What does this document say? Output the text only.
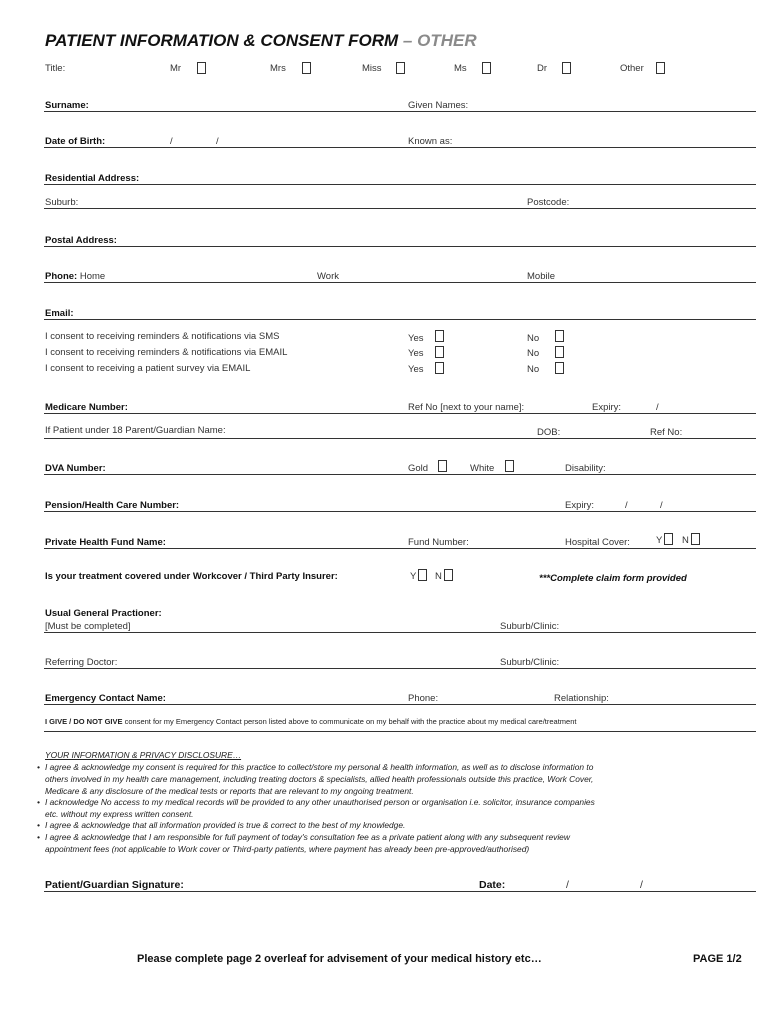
PATIENT INFORMATION & CONSENT FORM – OTHER
Title:	Mr	Mrs	Miss	Ms	Dr	Other
Surname:	Given Names:
Date of Birth:	/	/	Known as:
Residential Address:
Suburb:	Postcode:
Postal Address:
Phone: Home	Work	Mobile
Email:
I consent to receiving reminders & notifications via SMS	Yes	No
I consent to receiving reminders & notifications via EMAIL	Yes	No
I consent to receiving a patient survey via EMAIL	Yes	No
Medicare Number:	Ref No [next to your name]:	Expiry:	/
If Patient under 18 Parent/Guardian Name:	DOB:	Ref No:
DVA Number:	Gold	White	Disability:
Pension/Health Care Number:	Expiry:	/	/
Private Health Fund Name:	Fund Number:	Hospital Cover:	Y N
Is your treatment covered under Workcover / Third Party Insurer:	Y N	***Complete claim form provided
Usual General Practioner:
[Must be completed]	Suburb/Clinic:
Referring Doctor:	Suburb/Clinic:
Emergency Contact Name:	Phone:	Relationship:
I GIVE / DO NOT GIVE consent for my Emergency Contact person listed above to communicate on my behalf with the practice about my medical care/treatment
YOUR INFORMATION & PRIVACY DISCLOSURE…
• I agree & acknowledge my consent is required for this practice to collect/store my personal & health information, as well as to disclose information to
others involved in my health care management, including treating doctors & specialists, allied health professionals outside this practice, Work Cover,
Medicare & any disclosure of the medical tests or reports that are relevant to my ongoing treatment.
• I acknowledge No access to my medical records will be provided to any other unauthorised person or organisation i.e. solicitor, insurance companies
etc. without my express written consent.
• I agree & acknowledge that all information provided is true & correct to the best of my knowledge.
• I agree & acknowledge that I am responsible for full payment of today's consultation fee as a private patient along with any subsequent review
appointment fees (not applicable to Work cover or Third-party patients, where payment has already been pre-approved/authorised)
Patient/Guardian Signature:	Date:	/	/
Please complete page 2 overleaf for advisement of your medical history etc…	PAGE 1/2
